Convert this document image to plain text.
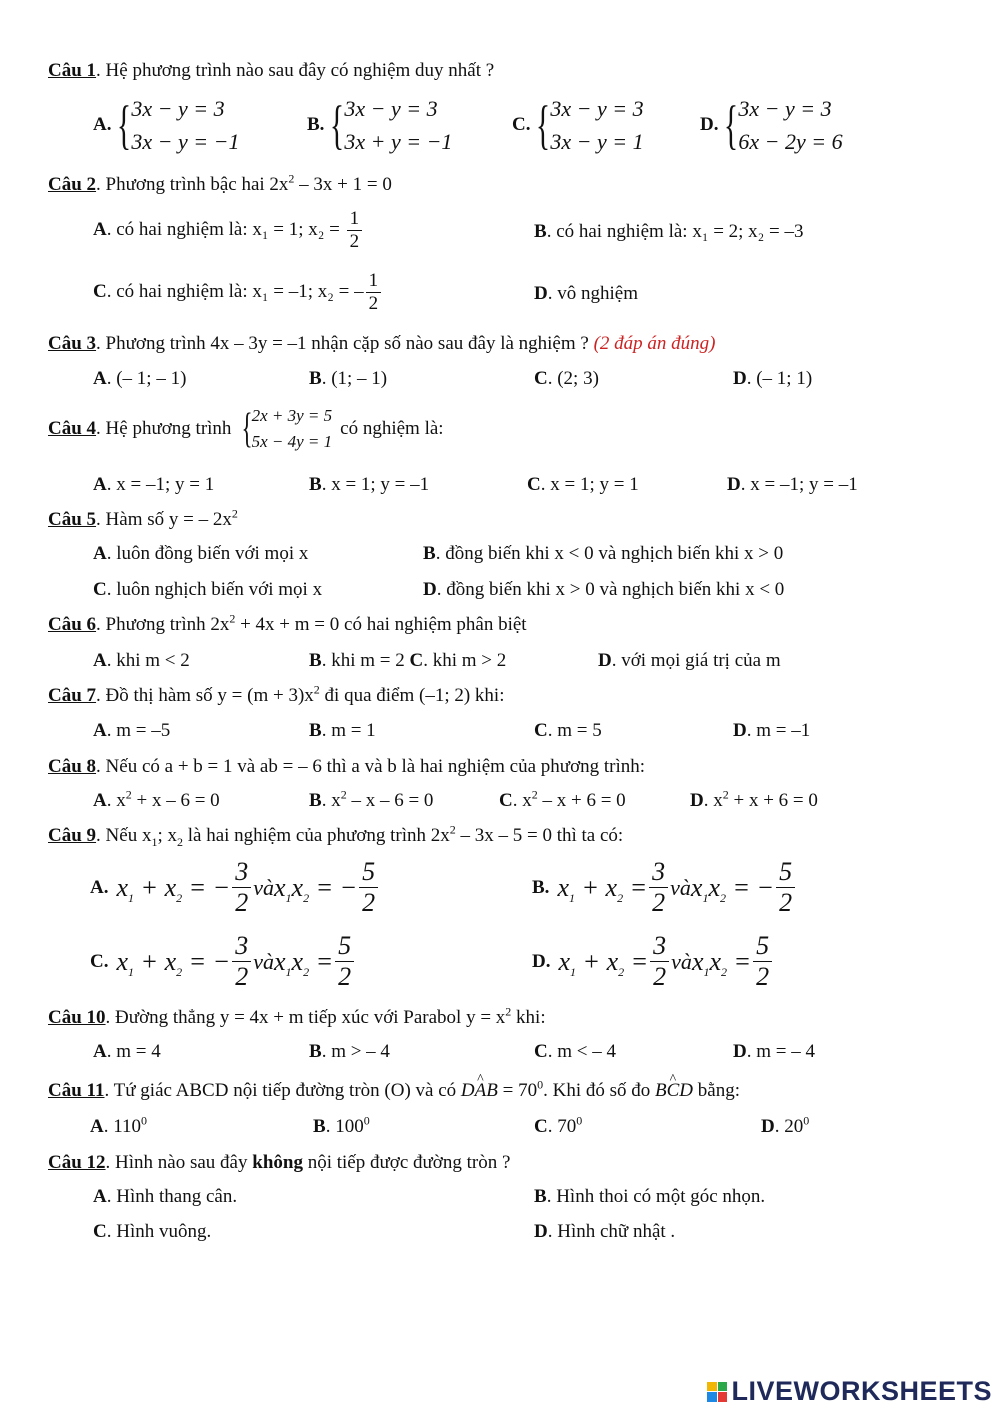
Câu 1. Hệ phương trình nào sau đây có nghiệm duy nhất ?
A. { 3x − y = 3
3x − y = −1
B. { 3x − y = 3
3x + y = −1
C. { 3x − y = 3
3x − y = 1
D. { 3x − y = 3
6x − 2y = 6
Câu 2. Phương trình bậc hai $2x^2 - 3x + 1 = 0$
A. có hai nghiệm là: x₁ = 1; $x_2 = \frac{1}{2}$	B. có hai nghiệm là: x₁ = 2; x₂ = –3
C. có hai nghiệm là: x₁ = –1; x₂ = – $\frac{1}{2}$	D. vô nghiệm
Câu 3. Phương trình 4x – 3y = –1 nhận cặp số nào sau đây là nghiệm ? (2 đáp án đúng)
A. (– 1; – 1)	B. (1; – 1)	C. (2; 3)	D. (– 1; 1)
Câu 4 . Hệ phương trình {
2x + 3y = 5
5x − 4y = 1
có nghiệm là:
A. x = –1; y = 1	B. x = 1; y = –1	C. x = 1; y = 1	D. x = –1; y = –1
Câu 5. Hàm số y = – $2x^2$
A. luôn đồng biến với mọi x	B. đồng biến khi x < 0 và nghịch biến khi x > 0
C. luôn nghịch biến với mọi x	D. đồng biến khi x > 0 và nghịch biến khi x < 0
Câu 6. Phương trình $2x^2 + 4x + m = 0$ có hai nghiệm phân biệt
A. khi m < 2	B. khi m = 2 C. khi m > 2	D. với mọi giá trị của m
Câu 7. Đồ thị hàm số $y = (m + 3)x^2$ đi qua điểm (–1; 2) khi:
A. m = –5	B. m = 1	C. m = 5	D. m = –1
Câu 8. Nếu có a + b = 1 và ab = – 6 thì a và b là hai nghiệm của phương trình:
A. $x^2 + x - 6 = 0$	B. $x^2 - x - 6 = 0$	C. $x^2 - x + 6 = 0$	D. $x^2 + x + 6 = 0$
Câu 9. Nếu $x_1$; $x_2$ là hai nghiệm của phương trình $2x^2 - 3x - 5 = 0$ thì ta có:
A. $x_1 + x_2$ = − $\frac{3}{2}$ và $x_1x_2$ = − $\frac{5}{2}$	B. $x_1 + x_2 = \frac{3}{2}$ và $x_1x_2$ = − $\frac{5}{2}$
C. $x_1 + x_2$ = − $\frac{3}{2}$ và $x_1x_2 = \frac{5}{2}$	D. $x_1 + x_2 = \frac{3}{2}$ và $x_1x_2 = \frac{5}{2}$
Câu 10. Đường thẳng y = 4x + m tiếp xúc với Parabol $y = x^2$ khi:
A. m = 4	B. m > – 4	C. m < – 4	D. m = – 4
Câu 11. Tứ giác ABCD nội tiếp đường tròn (O) và có D^ AB = $70^0$. Khi đó số đo B^ CD bằng:
A. $110^0$	B. $100^0$	C. $70^0$	D. $20^0$
Câu 12. Hình nào sau đây không nội tiếp được đường tròn ?
A. Hình thang cân.	B. Hình thoi có một góc nhọn.
C. Hình vuông.	D. Hình chữ nhật .
LIVEWORKSHEETS
